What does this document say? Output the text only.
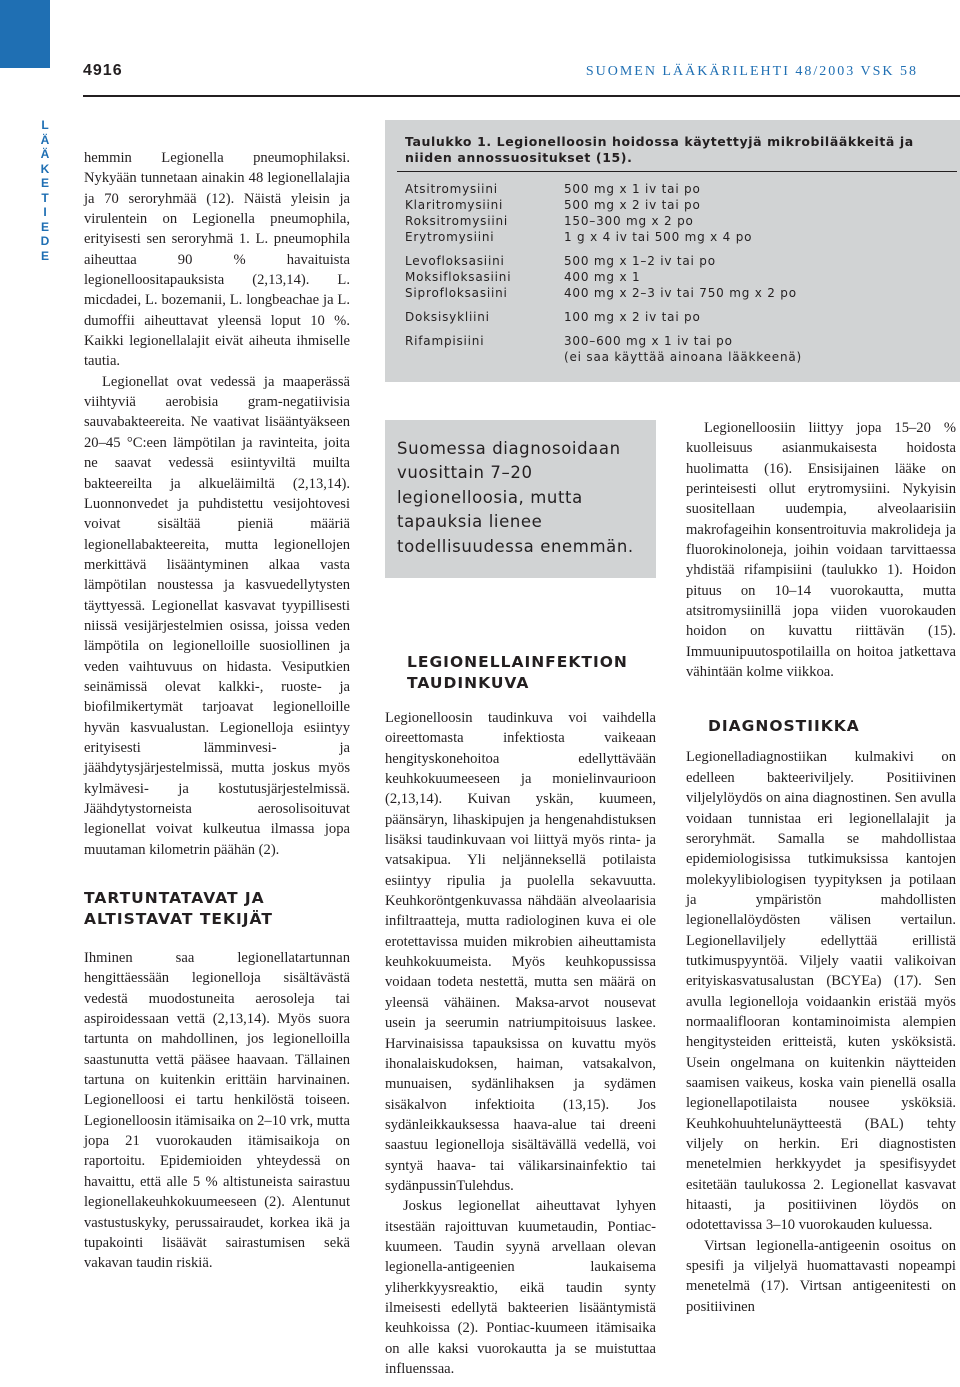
4916	SUOMEN LÄÄKÄRILEHTI 48/2003 VSK 58
L
Ä
Ä
K
E
T
I
E
D
E

hemmin Legionella pneumophilaksi. Nykyään tunnetaan ainakin 48 legionellalajia ja 70 seroryhmää (12). Näistä yleisin ja virulentein on Legionella pneumophila, erityisesti sen seroryhmä 1. L. pneumophila aiheuttaa 90 % havaituista legionelloositapauksista (2,13,14). L. micdadei, L. bozemanii, L. longbeachae ja L. dumoffii aiheuttavat yleensä loput 10 %. Kaikki legionellalajit eivät aiheuta ihmiselle tautia.

Legionellat ovat vedessä ja maaperässä viihtyviä aerobisia gram-negatiivisia sauvabakteereita. Ne vaativat lisääntyäkseen 20–45 °C:een lämpötilan ja ravinteita, joita ne saavat vedessä esiintyviltä muilta bakteereilta ja alkueläimiltä (2,13,14). Luonnonvedet ja puhdistettu vesijohtovesi voivat sisältää pieniä määriä legionellabakteereita, mutta legionellojen merkittävä lisääntyminen alkaa vasta lämpötilan noustessa ja kasvuedellytysten täyttyessä. Legionellat kasvavat tyypillisesti niissä vesijärjestelmien osissa, joissa veden lämpötila on legionelloille suosiollinen ja veden vaihtuvuus on hidasta. Vesiputkien seinämissä olevat kalkki-, ruoste- ja biofilmikertymät tarjoavat legionelloille hyvän kasvualustan. Legionelloja esiintyy erityisesti lämminvesi- ja jäähdytysjärjestelmissä, mutta joskus myös kylmävesi- ja kostutusjärjestelmissä. Jäähdytystorneista aerosolisoituvat legionellat voivat kulkeutua ilmassa jopa muutaman kilometrin päähän (2).

TARTUNTATAVAT JA ALTISTAVAT TEKIJÄT

Ihminen saa legionellatartunnan hengittäessään legionelloja sisältävästä vedestä muodostuneita aerosoleja tai aspiroidessaan vettä (2,13,14). Myös suora tartunta on mahdollinen, jos legionelloilla saastunutta vettä pääsee haavaan. Tällainen tartuna on kuitenkin erittäin harvinainen. Legionelloosi ei tartu henkilöstä toiseen. Legionelloosin itämisaika on 2–10 vrk, mutta jopa 21 vuorokauden itämisaikoja on raportoitu. Epidemioiden yhteydessä on havaittu, että alle 5 % altistuneista sairastuu legionellakeuhkokuumeeseen (2). Alentunut vastustuskyky, perussairaudet, korkea ikä ja tupakointi lisäävät sairastumisen sekä vakavan taudin riskiä.

Taulukko 1. Legionelloosin hoidossa käytettyjä mikrobilääkkeitä ja niiden annossuositukset (15).
Atsitromysiini	500 mg x 1 iv tai po
Klaritromysiini	500 mg x 2 iv tai po
Roksitromysiini	150–300 mg x 2 po
Erytromysiini	1 g x 4 iv tai 500 mg x 4 po
Levofloksasiini	500 mg x 1–2 iv tai po
Moksifloksasiini	400 mg x 1
Siprofloksasiini	400 mg x 2–3 iv tai 750 mg x 2 po
Doksisykliini	100 mg x 2 iv tai po
Rifampisiini	300–600 mg x 1 iv tai po
(ei saa käyttää ainoana lääkkeenä)
Suomessa diagnosoidaan vuosittain 7–20 legionelloosia, mutta tapauksia lienee todellisuudessa enemmän.
LEGIONELLAINFEKTION TAUDINKUVA

Legionelloosin taudinkuva voi vaihdella oireettomasta infektiosta vaikeaan hengityskonehoitoa edellyttävään keuhkokuumeeseen ja monielinvaurioon (2,13,14). Kuivan yskän, kuumeen, päänsäryn, lihaskipujen ja hengenahdistuksen lisäksi taudinkuvaan voi liittyä myös rinta- ja vatsakipua. Yli neljänneksellä potilaista esiintyy ripulia ja puolella sekavuutta. Keuhkoröntgenkuvassa nähdään alveolaarisia infiltraatteja, mutta radiologinen kuva ei ole erotettavissa muiden mikrobien aiheuttamista keuhkokuumeista. Myös keuhkopussissa voidaan todeta nestettä, mutta sen määrä on yleensä vähäinen. Maksa-arvot nousevat usein ja seerumin natriumpitoisuus laskee. Harvinaisissa tapauksissa on kuvattu myös ihonalaiskudoksen, haiman, vatsakalvon, munuaisen, sydänlihaksen ja sydämen sisäkalvon infektioita (13,15). Jos sydänleikkauksessa haava-alue tai dreeni saastuu legionelloja sisältävällä vedellä, voi syntyä haava- tai välikarsinainfektio tai sydänpussinTulehdus.

Joskus legionellat aiheuttavat lyhyen itsestään rajoittuvan kuumetaudin, Pontiac-kuumeen. Taudin syynä arvellaan olevan legionella-antigeenien laukaisema yliherkkyysreaktio, eikä taudin synty ilmeisesti edellytä bakteerien lisääntymistä keuhkoissa (2). Pontiac-kuumeen itämisaika on alle kaksi vuorokautta ja se muistuttaa influenssaa.

Legionelloosiin liittyy jopa 15–20 % kuolleisuus asianmukaisesta hoidosta huolimatta (16). Ensisijainen lääke on perinteisesti ollut erytromysiini. Nykyisin suositellaan uudempia, alveolaarisiin makrofageihin konsentroituvia makrolideja ja fluorokinoloneja, joihin voidaan tarvittaessa yhdistää rifampisiini (taulukko 1). Hoidon pituus on 10–14 vuorokautta, mutta atsitromysiinillä jopa viiden vuorokauden hoidon on kuvattu riittävän (15). Immuunipuutospotilailla on hoitoa jatkettava vähintään kolme viikkoa.

DIAGNOSTIIKKA

Legionelladiagnostiikan kulmakivi on edelleen bakteeriviljely. Positiivinen viljelylöydös on aina diagnostinen. Sen avulla voidaan tunnistaa eri legionellalajit ja seroryhmät. Samalla se mahdollistaa epidemiologisissa tutkimuksissa kantojen molekyylibiologisen tyypityksen ja potilaan ja ympäristön mahdollisten legionellalöydösten välisen vertailun. Legionellaviljely edellyttää erillistä tutkimuspyyntöä. Viljely vaatii valikoivan erityiskasvatusalustan (BCYEa) (17). Sen avulla legionelloja voidaankin eristää myös normaaliflooran kontaminoimista alempien hengitysteiden eritteistä, kuten ysköksistä. Usein ongelmana on kuitenkin näytteiden saamisen vaikeus, koska vain pienellä osalla legionellapotilaista nousee ysköksiä. Keuhkohuuhtelunäytteestä (BAL) tehty viljely on herkin. Eri diagnostisten menetelmien herkkyydet ja spesifisyydet esitetään taulukossa 2. Legionellat kasvavat hitaasti, ja positiivinen löydös on odotettavissa 3–10 vuorokauden kuluessa.

Virtsan legionella-antigeenin osoitus on spesifi ja viljelyä huomattavasti nopeampi menetelmä (17). Virtsan antigeenitesti on positiivinen
